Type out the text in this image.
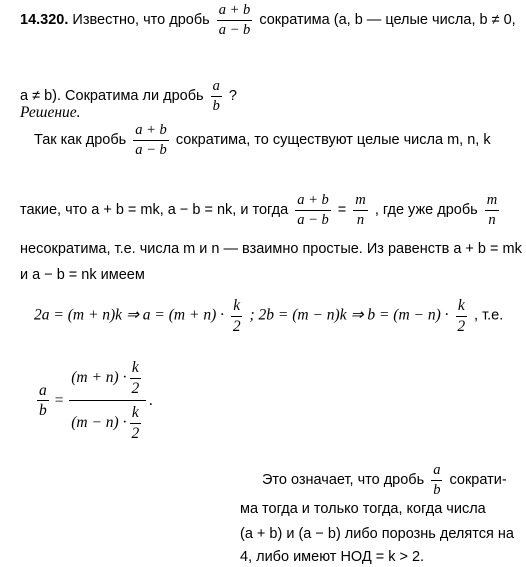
14.320. Известно, что дробь $\frac{a + b}{a - b}$ сократима (a, b — целые числа, b ≠ 0,
a ≠ b). Сократима ли дробь $\frac{a}{b}$ ?
Решение.
Так как дробь $\frac{a + b}{a - b}$ сократима, то существуют целые числа m, n, k
такие, что a + b = mk, a − b = nk, и тогда $\frac{a + b}{a - b} = \frac{m}{n}$ , где уже дробь $\frac{m}{n}$
несократима, т.е. числа m и n — взаимно простые. Из равенств a + b = mk
и a − b = nk имеем
2a = (m + n)k ⇒ $a = (m + n) \cdot \frac{k}{2}$ ; 2b = (m − n)k ⇒ $b = (m - n) \cdot \frac{k}{2}$ , т.е.
$\frac{a}{b} = \frac{(m + n) \cdot \frac{k}{2}}{(m - n) \cdot \frac{k}{2}}$ .
Это означает, что дробь $\frac{a}{b}$ сократи-
ма тогда и только тогда, когда числа
(a + b) и (a − b) либо порознь делятся на
4, либо имеют НОД = k > 2.
